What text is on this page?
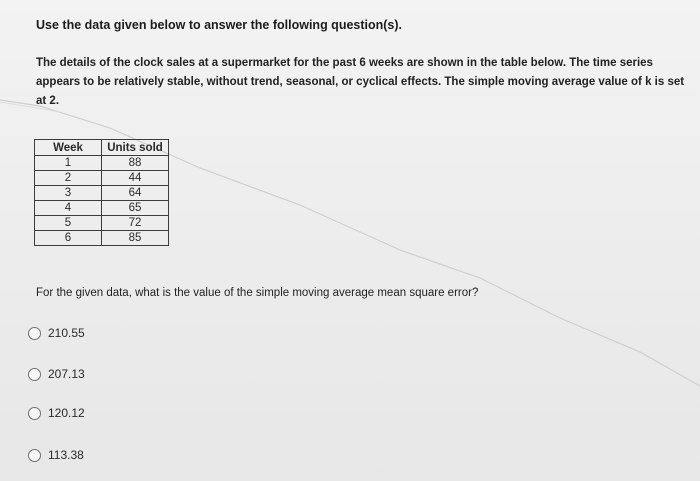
Use the data given below to answer the following question(s).
The details of the clock sales at a supermarket for the past 6 weeks are shown in the table below. The time series appears to be relatively stable, without trend, seasonal, or cyclical effects. The simple moving average value of k is set at 2.
Week	Units sold
1	88
2	44
3	64
4	65
5	72
6	85
For the given data, what is the value of the simple moving average mean square error?
210.55
207.13
120.12
113.38
